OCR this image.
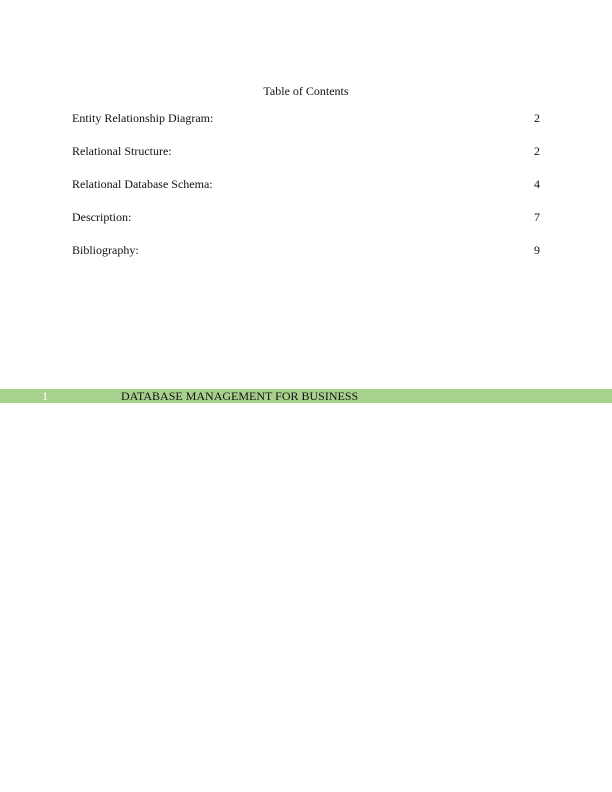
Table of Contents
Entity Relationship Diagram:	2
Relational Structure:	2
Relational Database Schema:	4
Description:	7
Bibliography:	9
1	DATABASE MANAGEMENT FOR BUSINESS
